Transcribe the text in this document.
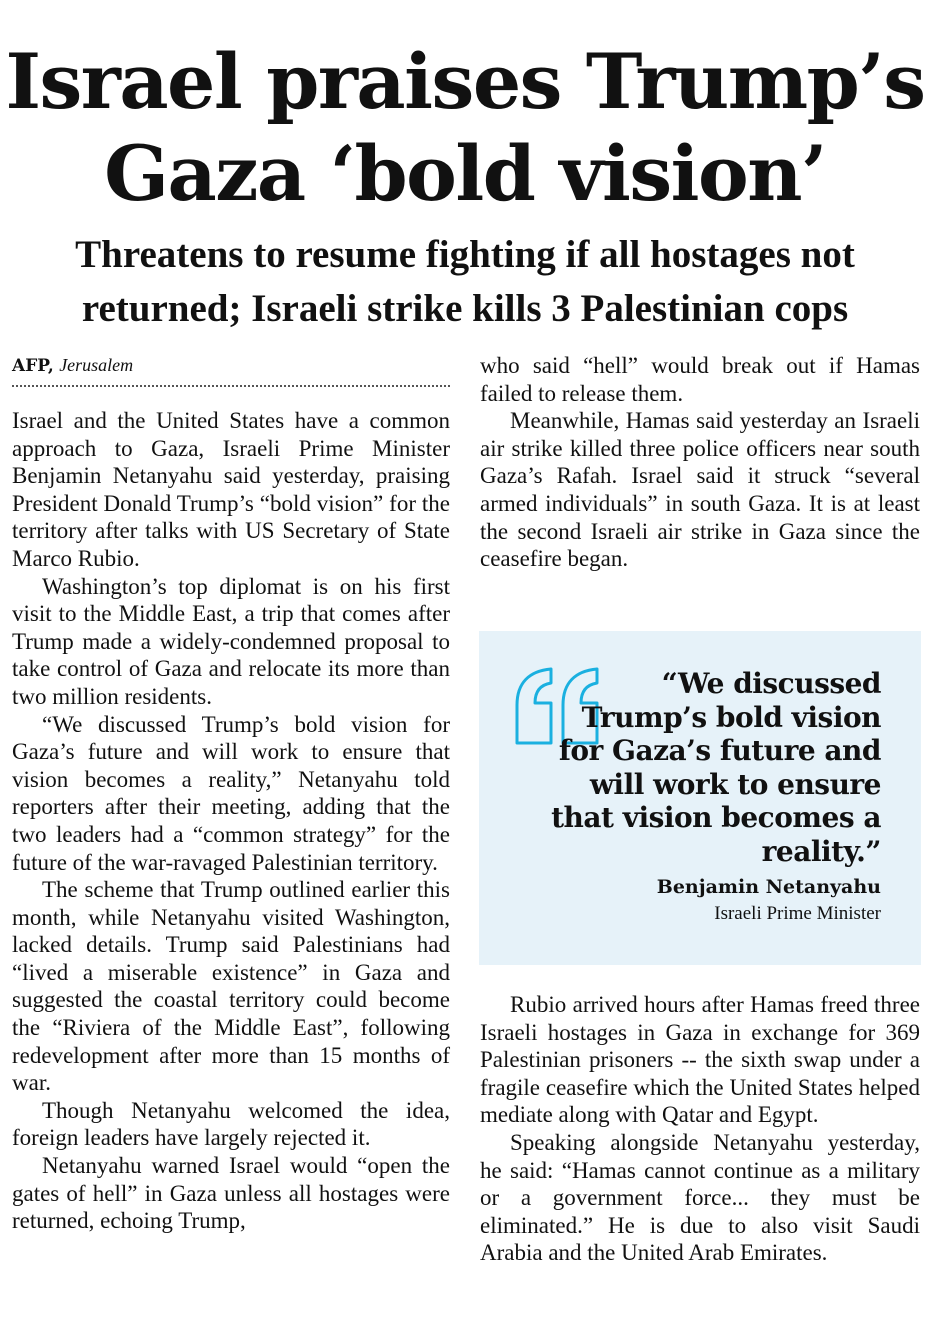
Israel praises Trump’s
Gaza ‘bold vision’
Threatens to resume fighting if all hostages not
returned; Israeli strike kills 3 Palestinian cops
AFP, Jerusalem

Israel and the United States have a common approach to Gaza, Israeli Prime Minister Benjamin Netanyahu said yesterday, praising President Donald Trump’s “bold vision” for the territory after talks with US Secretary of State Marco Rubio.

Washington’s top diplomat is on his first visit to the Middle East, a trip that comes after Trump made a widely-condemned proposal to take control of Gaza and relocate its more than two million residents.

“We discussed Trump’s bold vision for Gaza’s future and will work to ensure that vision becomes a reality,” Netanyahu told reporters after their meeting, adding that the two leaders had a “common strategy” for the future of the war-ravaged Palestinian territory.

The scheme that Trump outlined earlier this month, while Netanyahu visited Washington, lacked details. Trump said Palestinians had “lived a miserable existence” in Gaza and suggested the coastal territory could become the “Riviera of the Middle East”, following redevelopment after more than 15 months of war.

Though Netanyahu welcomed the idea, foreign leaders have largely rejected it.

Netanyahu warned Israel would “open the gates of hell” in Gaza unless all hostages were returned, echoing Trump,

who said “hell” would break out if Hamas failed to release them.

Meanwhile, Hamas said yesterday an Israeli air strike killed three police officers near south Gaza’s Rafah. Israel said it struck “several armed individuals” in south Gaza. It is at least the second Israeli air strike in Gaza since the ceasefire began.

“We discussed Trump’s bold vision for Gaza’s future and will work to ensure that vision becomes a reality.”
Benjamin Netanyahu
Israeli Prime Minister

Rubio arrived hours after Hamas freed three Israeli hostages in Gaza in exchange for 369 Palestinian prisoners -- the sixth swap under a fragile ceasefire which the United States helped mediate along with Qatar and Egypt.

Speaking alongside Netanyahu yesterday, he said: “Hamas cannot continue as a military or a government force... they must be eliminated.” He is due to also visit Saudi Arabia and the United Arab Emirates.
